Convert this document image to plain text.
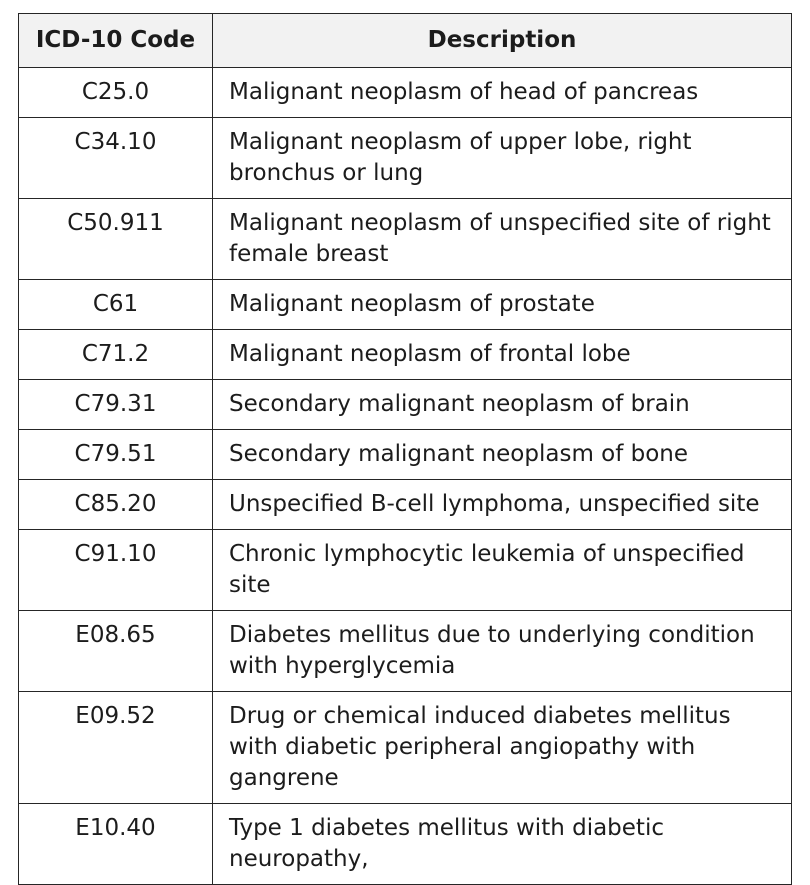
ICD-10 Code	Description
C25.0	Malignant neoplasm of head of pancreas
C34.10	Malignant neoplasm of upper lobe, right bronchus or lung
C50.911	Malignant neoplasm of unspecified site of right female breast
C61	Malignant neoplasm of prostate
C71.2	Malignant neoplasm of frontal lobe
C79.31	Secondary malignant neoplasm of brain
C79.51	Secondary malignant neoplasm of bone
C85.20	Unspecified B-cell lymphoma, unspecified site
C91.10	Chronic lymphocytic leukemia of unspecified site
E08.65	Diabetes mellitus due to underlying condition with hyperglycemia
E09.52	Drug or chemical induced diabetes mellitus with diabetic peripheral angiopathy with gangrene
E10.40	Type 1 diabetes mellitus with diabetic neuropathy,
